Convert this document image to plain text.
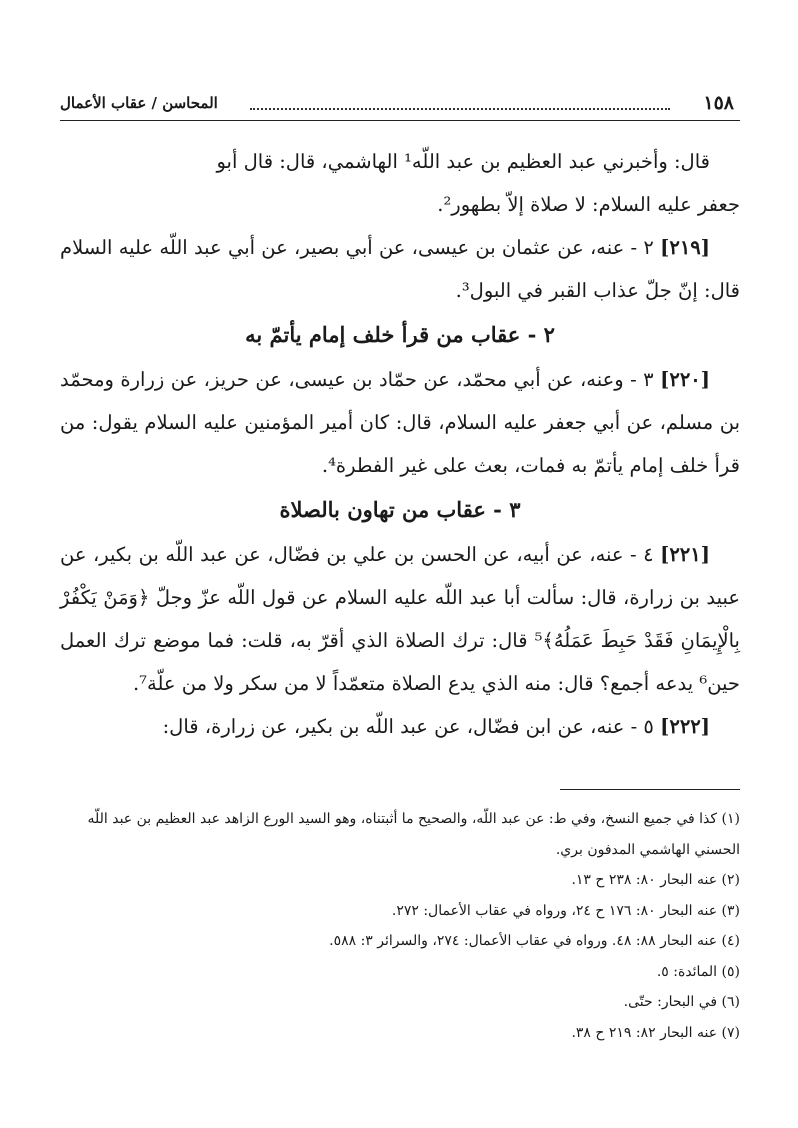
١٥٨
المحاسن / عقاب الأعمال

قال: وأخبرني عبد العظيم بن عبد اللّه¹ الهاشمي، قال: قال أبو
جعفر عليه السلام: لا صلاة إلاّ بطهور².

[٢١٩] ٢ - عنه، عن عثمان بن عيسى، عن أبي بصير، عن أبي عبد اللّه عليه السلام قال: إنّ جلّ عذاب القبر في البول³.

٢ - عقاب من قرأ خلف إمام يأتمّ به

[٢٢٠] ٣ - وعنه، عن أبي محمّد، عن حمّاد بن عيسى، عن حريز، عن زرارة ومحمّد بن مسلم، عن أبي جعفر عليه السلام، قال: كان أمير المؤمنين عليه السلام يقول: من قرأ خلف إمام يأتمّ به فمات، بعث على غير الفطرة⁴.

٣ - عقاب من تهاون بالصلاة

[٢٢١] ٤ - عنه، عن أبيه، عن الحسن بن علي بن فضّال، عن عبد اللّه بن بكير، عن عبيد بن زرارة، قال: سألت أبا عبد اللّه عليه السلام عن قول اللّه عزّ وجلّ ﴿وَمَنْ يَكْفُرْ بِالْإِيمَانِ فَقَدْ حَبِطَ عَمَلُهُ﴾⁵ قال: ترك الصلاة الذي أقرّ به، قلت: فما موضع ترك العمل حين⁶ يدعه أجمع؟ قال: منه الذي يدع الصلاة متعمّداً لا من سكر ولا من علّة⁷.

[٢٢٢] ٥ - عنه، عن ابن فضّال، عن عبد اللّه بن بكير، عن زرارة، قال:

(١) كذا في جميع النسخ، وفي ط: عن عبد اللّه، والصحيح ما أثبتناه، وهو السيد الورع الزاهد عبد العظيم بن عبد اللّه الحسني الهاشمي المدفون بري.

(٢) عنه البحار ٨٠: ٢٣٨ ح ١٣.

(٣) عنه البحار ٨٠: ١٧٦ ح ٢٤، ورواه في عقاب الأعمال: ٢٧٢.

(٤) عنه البحار ٨٨: ٤٨. ورواه في عقاب الأعمال: ٢٧٤، والسرائر ٣: ٥٨٨.

(٥) المائدة: ٥.

(٦) في البحار: حتّى.

(٧) عنه البحار ٨٢: ٢١٩ ح ٣٨.
